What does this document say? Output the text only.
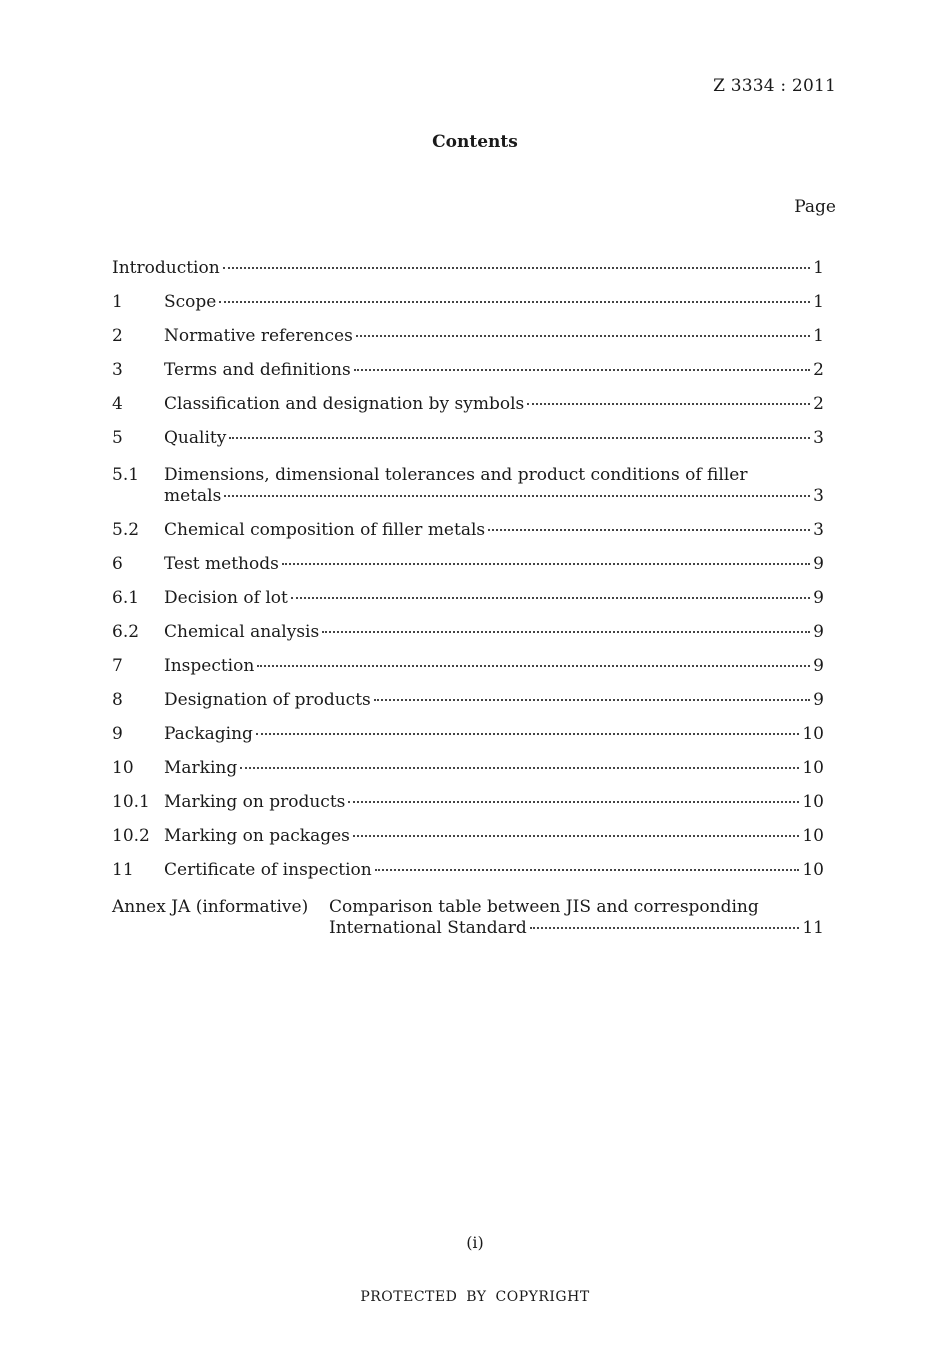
Z 3334 : 2011
Contents
Page
Introduction	1
1	Scope	1
2	Normative references	1
3	Terms and definitions	2
4	Classification and designation by symbols	2
5	Quality	3
5.1	Dimensions, dimensional tolerances and product conditions of filler
metals	3
5.2	Chemical composition of filler metals	3
6	Test methods	9
6.1	Decision of lot	9
6.2	Chemical analysis	9
7	Inspection	9
8	Designation of products	9
9	Packaging	10
10	Marking	10
10.1 Marking on products	10
10.2 Marking on packages	10
11	Certificate of inspection	10
Annex JA (informative)	Comparison table between JIS and corresponding
International Standard	11
(i)
PROTECTED BY COPYRIGHT
